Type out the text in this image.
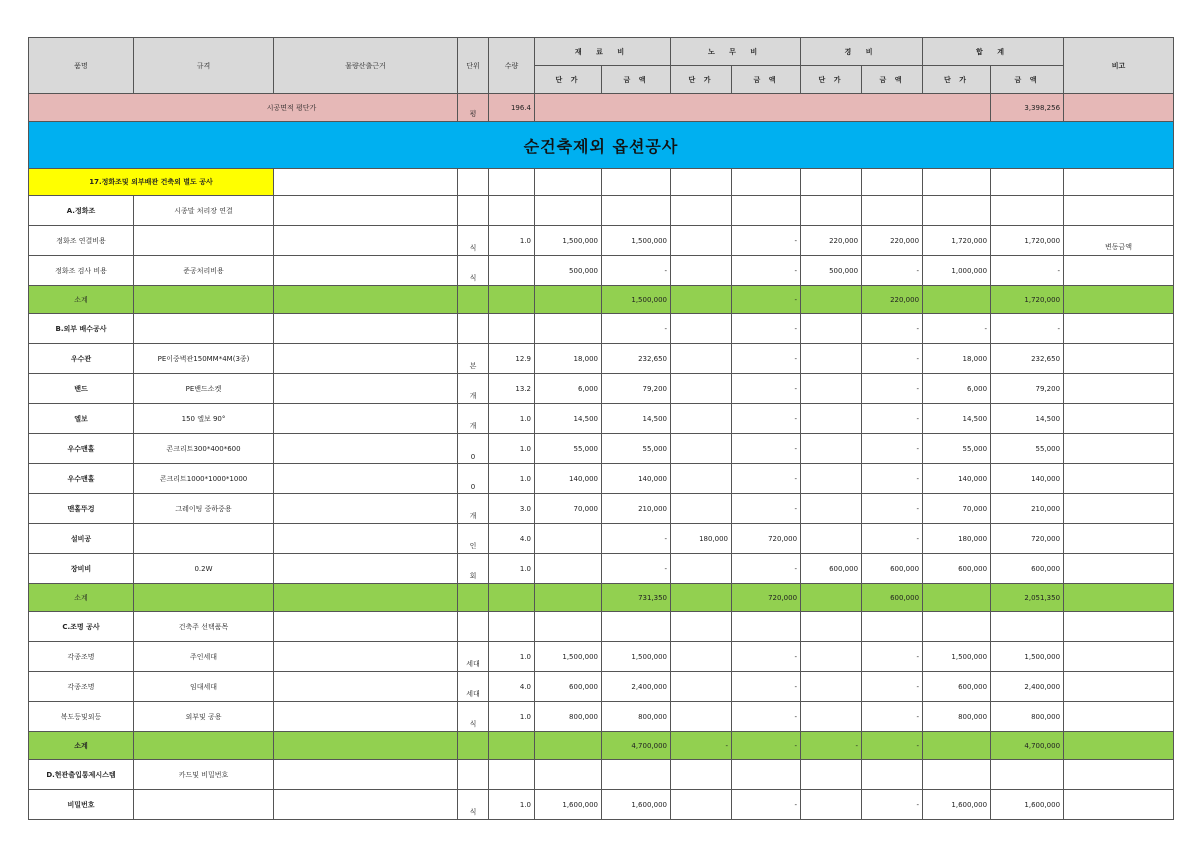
품명	규격	물량산출근거	단위	수량	재 료 비		노 무 비		경 비		합 계		비고
					단 가	금 액	단 가	금 액	단 가	금 액	단 가	금 액	
시공면적 평단가			평	196.4								3,398,256	
순건축제외 옵션공사													
17.정화조및 외부배관 건축외 별도 공사													
A.정화조	시종말 처리장 연결												
정화조 연결비용			식	1.0	1,500,000	1,500,000		-	220,000	220,000	1,720,000	1,720,000	변동금액
정화조 검사 비용	준공처리비용		식		500,000	-		-	500,000	-	1,000,000	-	
소계						1,500,000		-		220,000		1,720,000	
B.외부 배수공사						-		-		-	-	-	
우수관	PE이중벽관150MM*4M(3종)		본	12.9	18,000	232,650		-		-	18,000	232,650	
밴드	PE밴드소켓		개	13.2	6,000	79,200		-		-	6,000	79,200	
엘보	150 엘보 90°		개	1.0	14,500	14,500		-		-	14,500	14,500	
우수맨홀	콘크리트300*400*600		0	1.0	55,000	55,000		-		-	55,000	55,000	
우수맨홀	콘크리트1000*1000*1000		0	1.0	140,000	140,000		-		-	140,000	140,000	
맨홀뚜겅	그레이팅 중하중용		개	3.0	70,000	210,000		-		-	70,000	210,000	
설비공			인	4.0		-	180,000	720,000		-	180,000	720,000	
장비비	0.2W		회	1.0		-		-	600,000	600,000	600,000	600,000	
소계						731,350		720,000		600,000		2,051,350	
C.조명 공사	건축주 선택품목												
각종조명	주인세대		세대	1.0	1,500,000	1,500,000		-		-	1,500,000	1,500,000	
각종조명	임대세대		세대	4.0	600,000	2,400,000		-		-	600,000	2,400,000	
복도등및외등	외부및 공용		식	1.0	800,000	800,000		-		-	800,000	800,000	
소계						4,700,000	-	-	-	-		4,700,000	
D.현관출입통제시스템	카드및 비밀번호												
비밀번호			식	1.0	1,600,000	1,600,000		-		-	1,600,000	1,600,000	
